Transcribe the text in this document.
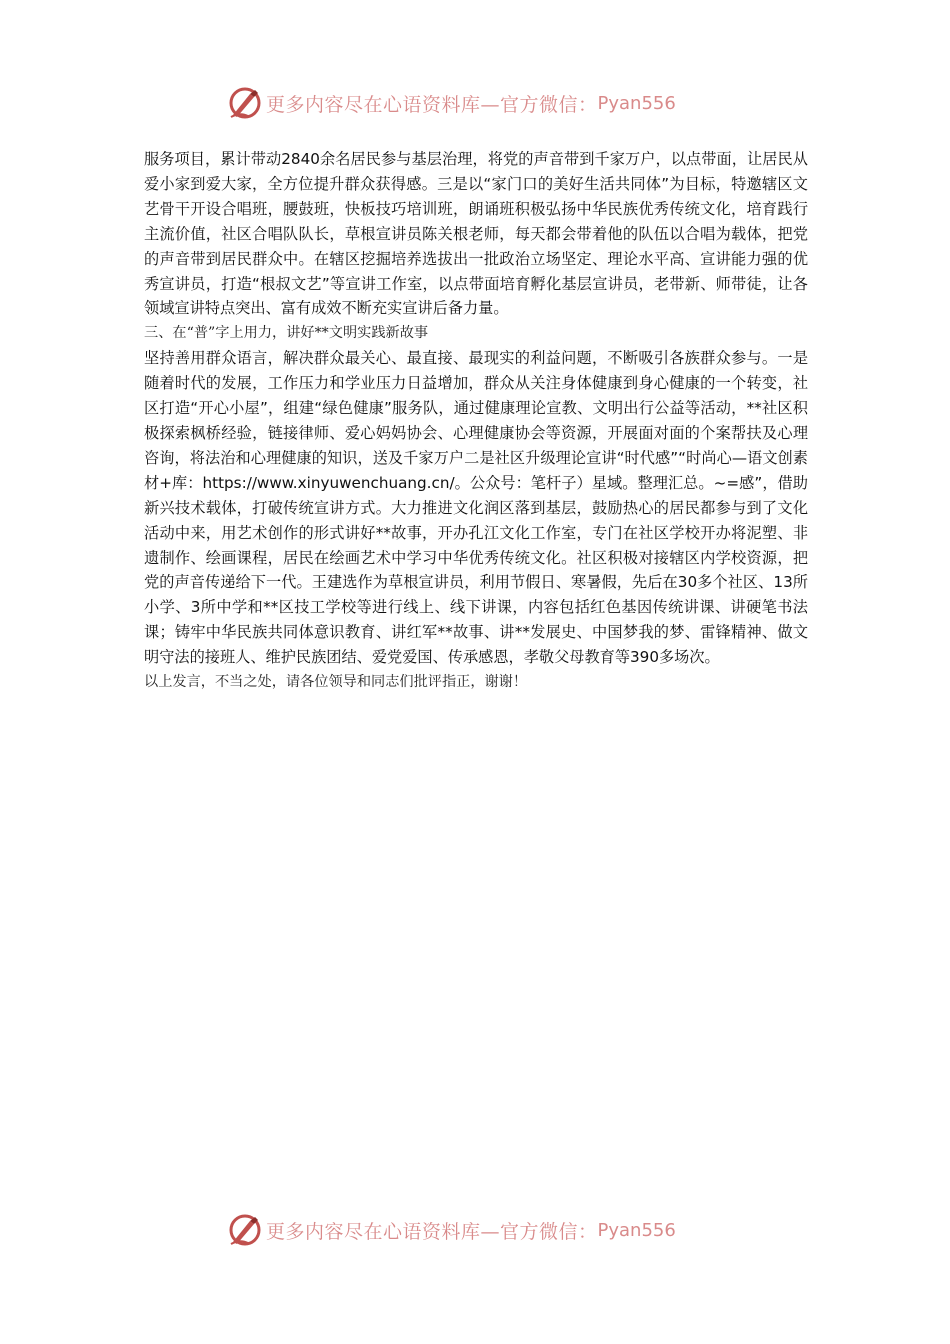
更多内容尽在心语资料库—官方微信： Pyan556

服务项目，累计带动2840余名居民参与基层治理，将党的声音带到千家万户，以点带面，让居民从爱小家到爱大家，全方位提升群众获得感。三是以“家门口的美好生活共同体”为目标，特邀辖区文艺骨干开设合唱班，腰鼓班，快板技巧培训班，朗诵班积极弘扬中华民族优秀传统文化，培育践行主流价值，社区合唱队队长，草根宣讲员陈关根老师，每天都会带着他的队伍以合唱为载体，把党的声音带到居民群众中。在辖区挖掘培养选拔出一批政治立场坚定、理论水平高、宣讲能力强的优秀宣讲员，打造“根叔文艺”等宣讲工作室，以点带面培育孵化基层宣讲员，老带新、师带徒，让各领域宣讲特点突出、富有成效不断充实宣讲后备力量。

三、在“普”字上用力，讲好**文明实践新故事

坚持善用群众语言，解决群众最关心、最直接、最现实的利益问题，不断吸引各族群众参与。一是随着时代的发展，工作压力和学业压力日益增加，群众从关注身体健康到身心健康的一个转变，社区打造“开心小屋”，组建“绿色健康”服务队，通过健康理论宣教、文明出行公益等活动，**社区积极探索枫桥经验，链接律师、爱心妈妈协会、心理健康协会等资源，开展面对面的个案帮扶及心理咨询，将法治和心理健康的知识，送及千家万户二是社区升级理论宣讲“时代感”“时尚心—语文创素材+库：https://www.xinyuwenchuang.cn/。公众号：笔杆子）星域。整理汇总。~=感”，借助新兴技术载体，打破传统宣讲方式。大力推进文化润区落到基层，鼓励热心的居民都参与到了文化活动中来，用艺术创作的形式讲好**故事，开办孔江文化工作室，专门在社区学校开办将泥塑、非遗制作、绘画课程，居民在绘画艺术中学习中华优秀传统文化。社区积极对接辖区内学校资源，把党的声音传递给下一代。王建选作为草根宣讲员，利用节假日、寒暑假，先后在30多个社区、13所小学、3所中学和**区技工学校等进行线上、线下讲课，内容包括红色基因传统讲课、讲硬笔书法课；铸牢中华民族共同体意识教育、讲红军**故事、讲**发展史、中国梦我的梦、雷锋精神、做文明守法的接班人、维护民族团结、爱党爱国、传承感恩，孝敬父母教育等390多场次。

以上发言，不当之处，请各位领导和同志们批评指正，谢谢！

更多内容尽在心语资料库—官方微信： Pyan556
